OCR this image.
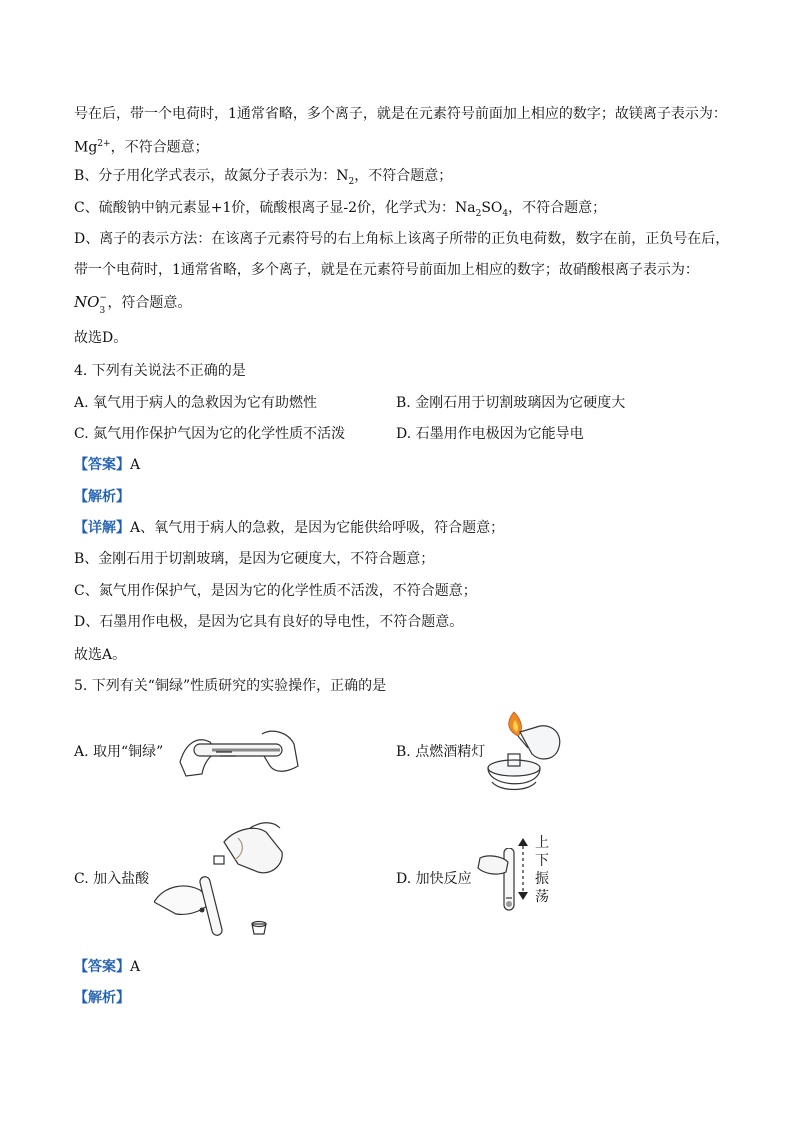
号在后，带一个电荷时，1通常省略，多个离子，就是在元素符号前面加上相应的数字；故镁离子表示为：
$Mg^{2+}$，不符合题意；
B、分子用化学式表示，故氮分子表示为：$N_2$，不符合题意；
C、硫酸钠中钠元素显+1价，硫酸根离子显-2价，化学式为：$Na_2SO_4$，不符合题意；
D、离子的表示方法：在该离子元素符号的右上角标上该离子所带的正负电荷数，数字在前，正负号在后，
带一个电荷时，1通常省略，多个离子，就是在元素符号前面加上相应的数字；故硝酸根离子表示为：
NO −
3 ，符合题意。
故选D。
4. 下列有关说法不正确的是
A. 氧气用于病人的急救因为它有助燃性	B. 金刚石用于切割玻璃因为它硬度大
C. 氮气用作保护气因为它的化学性质不活泼	D. 石墨用作电极因为它能导电
【答案】A
【解析】
【详解】A、氧气用于病人的急救，是因为它能供给呼吸，符合题意；
B、金刚石用于切割玻璃，是因为它硬度大，不符合题意；
C、氮气用作保护气，是因为它的化学性质不活泼，不符合题意；
D、石墨用作电极，是因为它具有良好的导电性，不符合题意。
故选A。
5. 下列有关“铜绿”性质研究的实验操作，正确的是
A. 取用“铜绿”	B. 点燃酒精灯
C. 加入盐酸	D. 加快反应
上
下
振
荡
【答案】A
【解析】
